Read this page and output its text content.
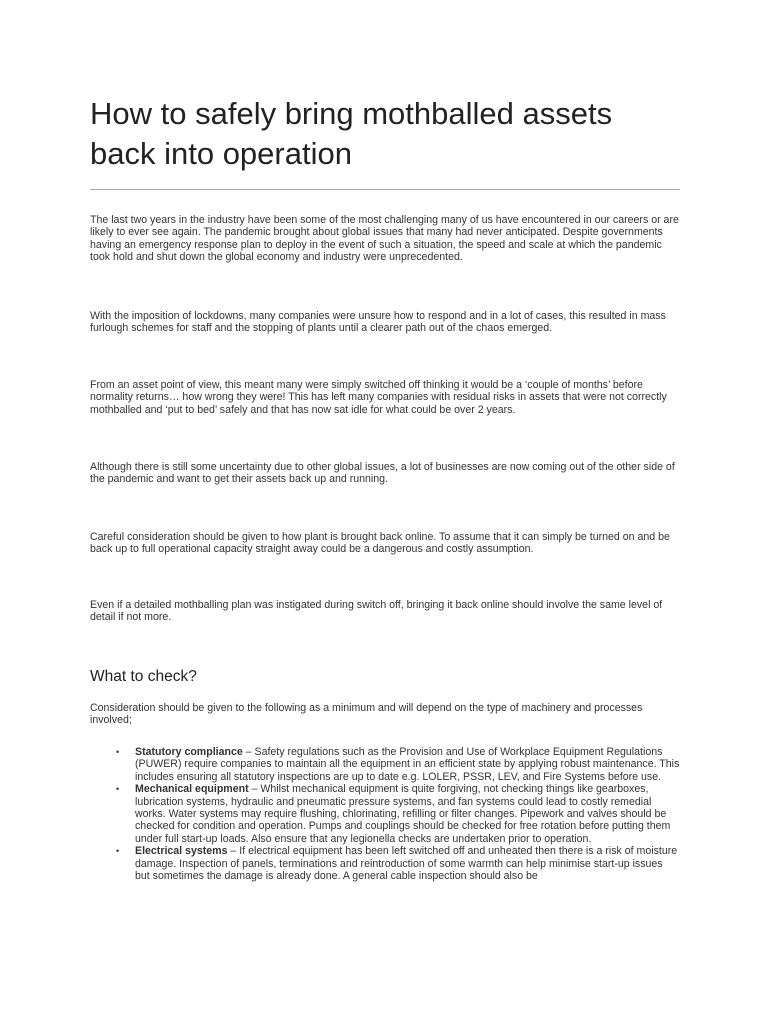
How to safely bring mothballed assets back into operation

The last two years in the industry have been some of the most challenging many of us have encountered in our careers or are likely to ever see again. The pandemic brought about global issues that many had never anticipated. Despite governments having an emergency response plan to deploy in the event of such a situation, the speed and scale at which the pandemic took hold and shut down the global economy and industry were unprecedented.

With the imposition of lockdowns, many companies were unsure how to respond and in a lot of cases, this resulted in mass furlough schemes for staff and the stopping of plants until a clearer path out of the chaos emerged.

From an asset point of view, this meant many were simply switched off thinking it would be a ‘couple of months’ before normality returns… how wrong they were! This has left many companies with residual risks in assets that were not correctly mothballed and ‘put to bed’ safely and that has now sat idle for what could be over 2 years.

Although there is still some uncertainty due to other global issues, a lot of businesses are now coming out of the other side of the pandemic and want to get their assets back up and running.

Careful consideration should be given to how plant is brought back online. To assume that it can simply be turned on and be back up to full operational capacity straight away could be a dangerous and costly assumption.

Even if a detailed mothballing plan was instigated during switch off, bringing it back online should involve the same level of detail if not more.

What to check?

Consideration should be given to the following as a minimum and will depend on the type of machinery and processes involved;

• Statutory compliance – Safety regulations such as the Provision and Use of Workplace Equipment Regulations (PUWER) require companies to maintain all the equipment in an efficient state by applying robust maintenance. This includes ensuring all statutory inspections are up to date e.g. LOLER, PSSR, LEV, and Fire Systems before use.
• Mechanical equipment – Whilst mechanical equipment is quite forgiving, not checking things like gearboxes, lubrication systems, hydraulic and pneumatic pressure systems, and fan systems could lead to costly remedial works. Water systems may require flushing, chlorinating, refilling or filter changes. Pipework and valves should be checked for condition and operation. Pumps and couplings should be checked for free rotation before putting them under full start-up loads. Also ensure that any legionella checks are undertaken prior to operation.
• Electrical systems – If electrical equipment has been left switched off and unheated then there is a risk of moisture damage. Inspection of panels, terminations and reintroduction of some warmth can help minimise start-up issues but sometimes the damage is already done. A general cable inspection should also be
